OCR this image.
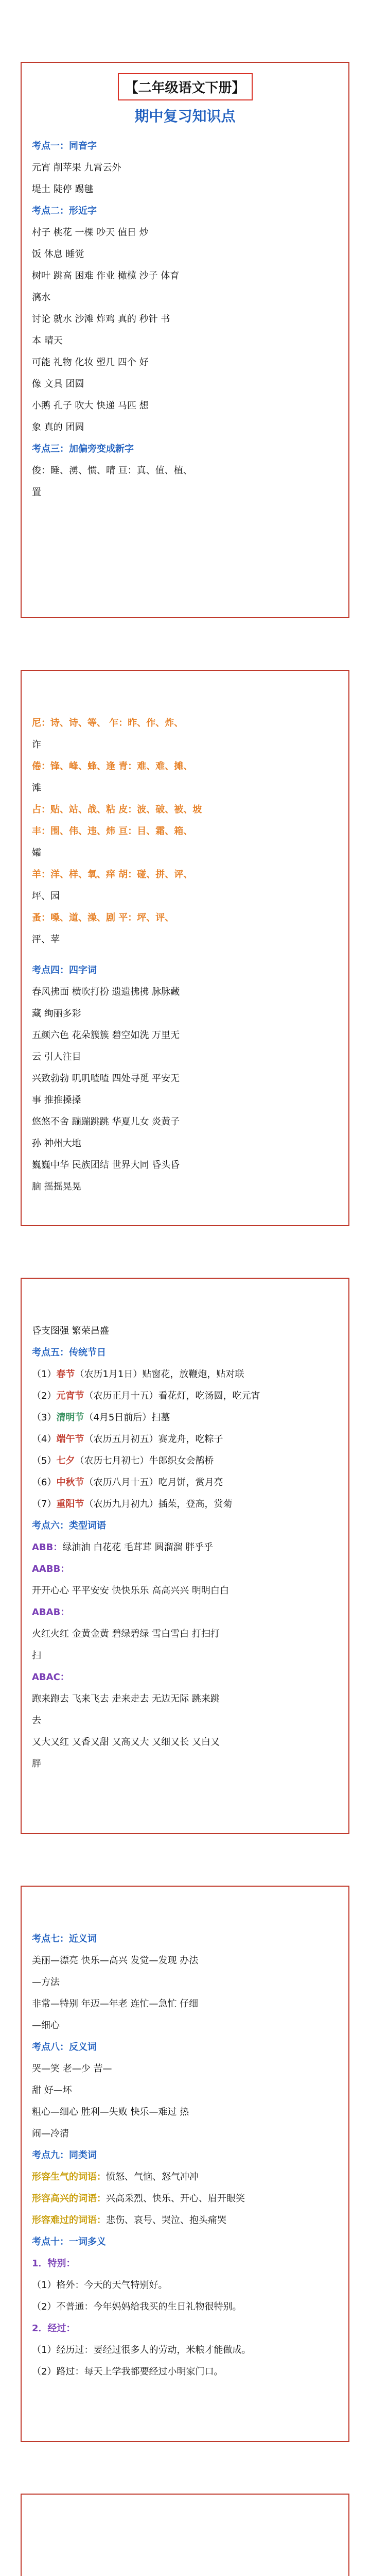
【二年级语文下册】
期中复习知识点
考点一：同音字
元宵 削苹果 九霄云外
堤土 陡停 踢毽
考点二：形近字
村子 桃花 一棵 吵天 值日 炒
饭 休息 睡觉
树叶 跳高 困难 作业 橄榄 沙子 体育
漓水
讨论 就水 沙滩 炸鸡 真的 秒针 书
本 晴天
可能 礼物 化妆 塑几 四个 好
像 文具 团圆
小鹅 孔子 吹大 快递 马匹 想
象 真的 团圆
考点三：加偏旁变成新字
俊：睡、湧、惯、晴 亘：真、值、植、
置
尼：诗、诗、等、 乍：昨、作、炸、
诈
倦：锋、峰、蜂、逢 青：难、难、摊、
滩
占：贴、站、战、粘 皮：波、破、被、坡
丰：围、伟、违、炜 亘：目、霜、箱、
孀
羊：洋、样、氧、痒 胡：碰、拼、评、
坪、园
蚤：嗓、道、澡、剧 平：坪、评、
泙、苹
考点四：四字词
春风拂面 横吹打扮 遗遗拂拂 脉脉藏
藏 绚丽多彩
五颜六色 花朵簇簇 碧空如洗 万里无
云 引人注目
兴致勃勃 叽叽喳喳 四处寻觅 平安无
事 推推搡搡
悠悠不舍 蹦蹦跳跳 华夏儿女 炎黄子
孙 神州大地
巍巍中华 民族团结 世界大同 昏头昏
脑 摇摇晃晃
昏支图强 繁荣昌盛
考点五：传统节日
（1）春节（农历1月1日）贴窗花，放鞭炮，贴对联
（2）元宵节（农历正月十五）看花灯，吃汤圆，吃元宵
（3）清明节（4月5日前后）扫墓
（4）端午节（农历五月初五）赛龙舟，吃粽子
（5）七夕（农历七月初七）牛郎织女会鹊桥
（6）中秋节（农历八月十五）吃月饼，赏月亮
（7）重阳节（农历九月初九）插茱，登高，赏菊
考点六：类型词语
ABB：绿油油 白花花 毛茸茸 圆溜溜 胖乎乎
AABB：
开开心心 平平安安 快快乐乐 高高兴兴 明明白白
ABAB：
火红火红 金黄金黄 碧绿碧绿 雪白雪白 打扫打
扫
ABAC：
跑来跑去 飞来飞去 走来走去 无边无际 跳来跳
去
又大又红 又香又甜 又高又大 又细又长 又白又
胖
考点七：近义词
美丽—漂亮 快乐—高兴 发觉—发现 办法
—方法
非常—特别 年迈—年老 连忙—急忙 仔细
—细心
考点八：反义词
哭—笑 老—少 苦—
甜 好—坏
粗心—细心 胜利—失败 快乐—难过 热
闹—冷清
考点九：同类词
形容生气的词语：愤怒、气恼、怒气冲冲
形容高兴的词语：兴高采烈、快乐、开心、眉开眼笑
形容难过的词语：悲伤、哀号、哭泣、抱头痛哭
考点十：一词多义
1．特别：
（1）格外：今天的天气特别好。
（2）不普通：今年妈妈给我买的生日礼物很特别。
2．经过：
（1）经历过：要经过很多人的劳动，米粮才能做成。
（2）路过：每天上学我都要经过小明家门口。
